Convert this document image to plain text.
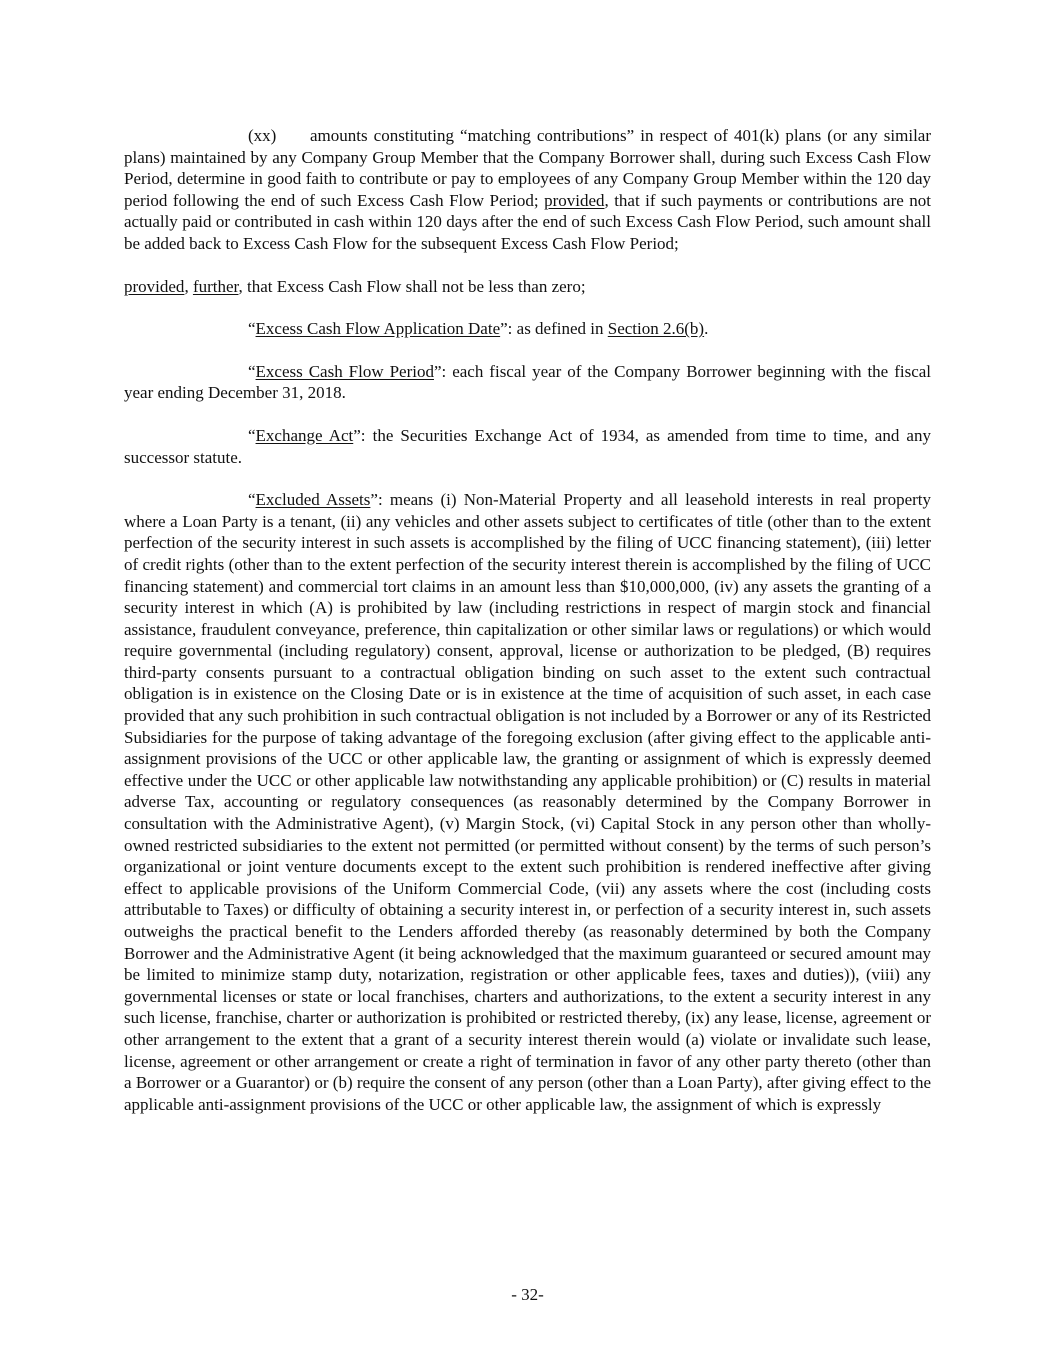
(xx) amounts constituting “matching contributions” in respect of 401(k) plans (or any similar plans) maintained by any Company Group Member that the Company Borrower shall, during such Excess Cash Flow Period, determine in good faith to contribute or pay to employees of any Company Group Member within the 120 day period following the end of such Excess Cash Flow Period; provided, that if such payments or contributions are not actually paid or contributed in cash within 120 days after the end of such Excess Cash Flow Period, such amount shall be added back to Excess Cash Flow for the subsequent Excess Cash Flow Period;

provided, further, that Excess Cash Flow shall not be less than zero;

“Excess Cash Flow Application Date”: as defined in Section 2.6(b).

“Excess Cash Flow Period”: each fiscal year of the Company Borrower beginning with the fiscal year ending December 31, 2018.

“Exchange Act”: the Securities Exchange Act of 1934, as amended from time to time, and any successor statute.

“Excluded Assets”: means (i) Non-Material Property and all leasehold interests in real property where a Loan Party is a tenant, (ii) any vehicles and other assets subject to certificates of title (other than to the extent perfection of the security interest in such assets is accomplished by the filing of UCC financing statement), (iii) letter of credit rights (other than to the extent perfection of the security interest therein is accomplished by the filing of UCC financing statement) and commercial tort claims in an amount less than $10,000,000, (iv) any assets the granting of a security interest in which (A) is prohibited by law (including restrictions in respect of margin stock and financial assistance, fraudulent conveyance, preference, thin capitalization or other similar laws or regulations) or which would require governmental (including regulatory) consent, approval, license or authorization to be pledged, (B) requires third-party consents pursuant to a contractual obligation binding on such asset to the extent such contractual obligation is in existence on the Closing Date or is in existence at the time of acquisition of such asset, in each case provided that any such prohibition in such contractual obligation is not included by a Borrower or any of its Restricted Subsidiaries for the purpose of taking advantage of the foregoing exclusion (after giving effect to the applicable anti-assignment provisions of the UCC or other applicable law, the granting or assignment of which is expressly deemed effective under the UCC or other applicable law notwithstanding any applicable prohibition) or (C) results in material adverse Tax, accounting or regulatory consequences (as reasonably determined by the Company Borrower in consultation with the Administrative Agent), (v) Margin Stock, (vi) Capital Stock in any person other than wholly-owned restricted subsidiaries to the extent not permitted (or permitted without consent) by the terms of such person’s organizational or joint venture documents except to the extent such prohibition is rendered ineffective after giving effect to applicable provisions of the Uniform Commercial Code, (vii) any assets where the cost (including costs attributable to Taxes) or difficulty of obtaining a security interest in, or perfection of a security interest in, such assets outweighs the practical benefit to the Lenders afforded thereby (as reasonably determined by both the Company Borrower and the Administrative Agent (it being acknowledged that the maximum guaranteed or secured amount may be limited to minimize stamp duty, notarization, registration or other applicable fees, taxes and duties)), (viii) any governmental licenses or state or local franchises, charters and authorizations, to the extent a security interest in any such license, franchise, charter or authorization is prohibited or restricted thereby, (ix) any lease, license, agreement or other arrangement to the extent that a grant of a security interest therein would (a) violate or invalidate such lease, license, agreement or other arrangement or create a right of termination in favor of any other party thereto (other than a Borrower or a Guarantor) or (b) require the consent of any person (other than a Loan Party), after giving effect to the applicable anti-assignment provisions of the UCC or other applicable law, the assignment of which is expressly

- 32-
